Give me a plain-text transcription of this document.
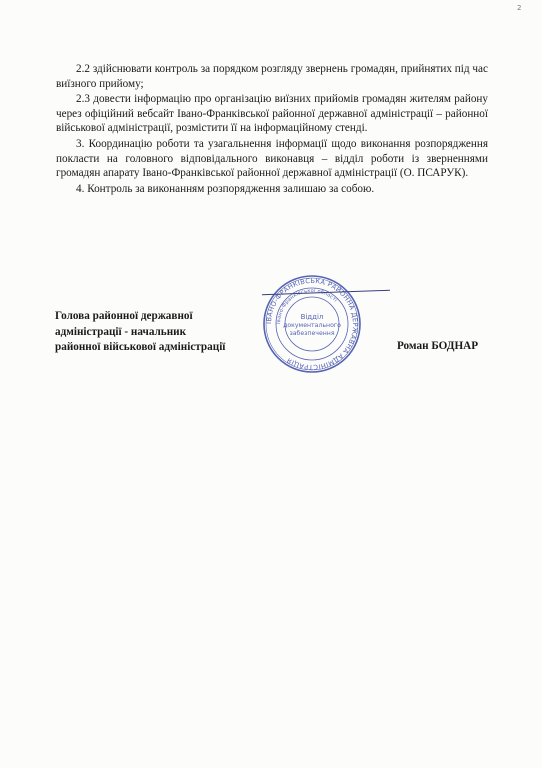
2

2.2 здійснювати контроль за порядком розгляду звернень громадян, прийнятих під час виїзного прийому;

2.3 довести інформацію про організацію виїзних прийомів громадян жителям району через офіційний вебсайт Івано-Франківської районної державної адміністрації – районної військової адміністрації, розмістити її на інформаційному стенді.

3. Координацію роботи та узагальнення інформації щодо виконання розпорядження покласти на головного відповідального виконавця – відділ роботи із зверненнями громадян апарату Івано-Франківської районної державної адміністрації (О. ПСАРУК).

4. Контроль за виконанням розпорядження залишаю за собою.

Голова районної державної
адміністрації - начальник
районної військової адміністрації
ІВАНО-ФРАНКІВСЬКА РАЙОННА ДЕРЖАВНА АДМІНІСТРАЦІЯ
Івано-Франківської області
Відділ
документального
забезпечення
Роман БОДНАР
